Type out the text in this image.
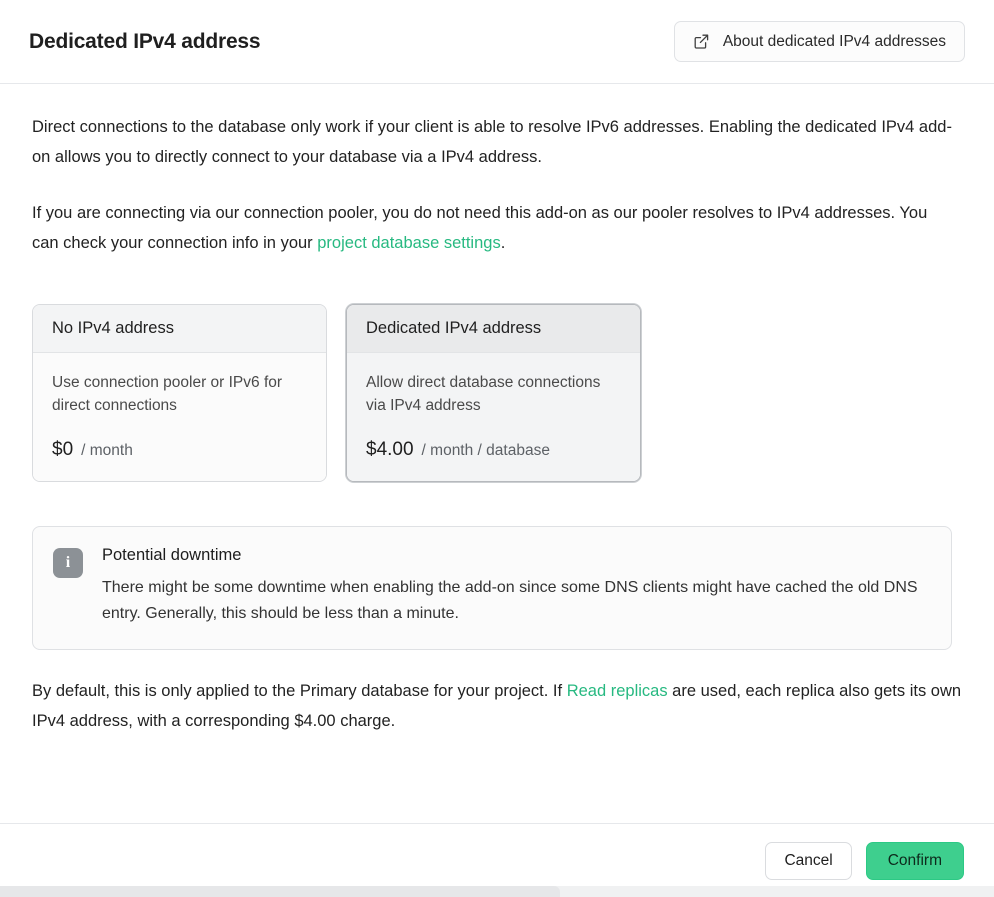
Dedicated IPv4 address	About dedicated IPv4 addresses

Direct connections to the database only work if your client is able to resolve IPv6 addresses. Enabling the dedicated IPv4 add-on allows you to directly connect to your database via a IPv4 address.

If you are connecting via our connection pooler, you do not need this add-on as our pooler resolves to IPv4 addresses. You can check your connection info in your project database settings.

No IPv4 address
Use connection pooler or IPv6 for direct connections
$0 / month
Dedicated IPv4 address
Allow direct database connections via IPv4 address
$4.00 / month / database
i	Potential downtime
There might be some downtime when enabling the add-on since some DNS clients might have cached the old DNS entry. Generally, this should be less than a minute.

By default, this is only applied to the Primary database for your project. If Read replicas are used, each replica also gets its own IPv4 address, with a corresponding $4.00 charge.

Cancel	Confirm
